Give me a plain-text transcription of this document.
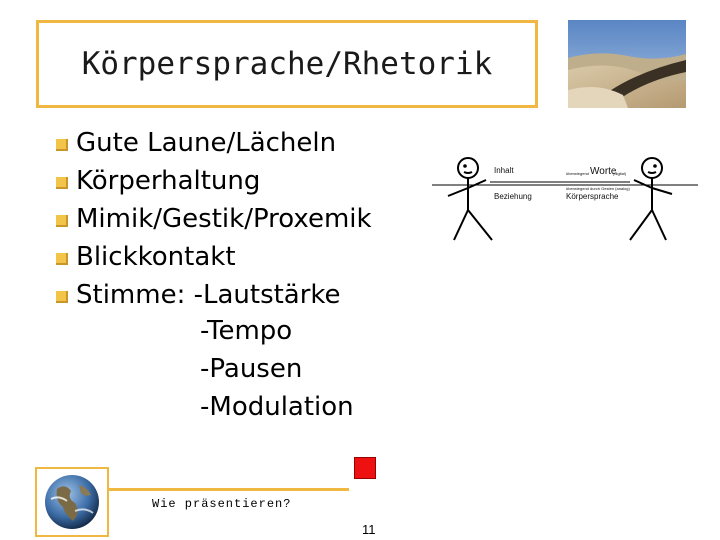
Körpersprache/Rhetorik
Gute Laune/Lächeln
Körperhaltung
Mimik/Gestik/Proxemik
Blickkontakt
Stimme: -Lautstärke
-Tempo
-Pausen
-Modulation
Inhalt
Beziehung
überwiegend Worte
(digital)
überwiegend durch Gesten (analog)
Körpersprache
Wie präsentieren?
11
